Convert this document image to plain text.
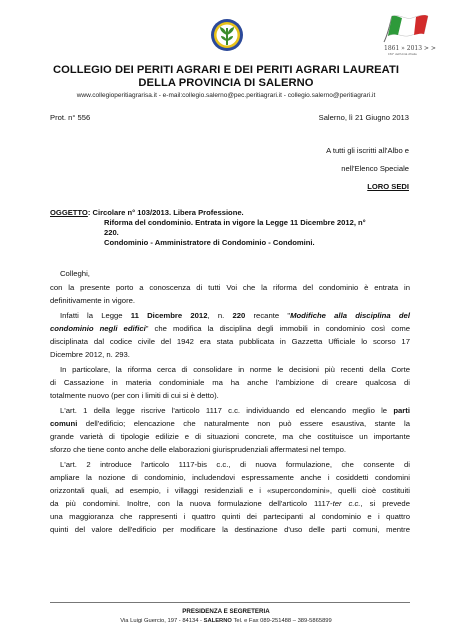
1861 » 2013 > >
150° dell'Unità d'Italia
COLLEGIO DEI PERITI AGRARI E DEI PERITI AGRARI LAUREATI
DELLA PROVINCIA DI SALERNO
www.collegioperitiagrarisa.it - e-mail:collegio.salerno@pec.peritiagrari.it - collegio.salerno@peritiagrari.it
Prot. n° 556	Salerno, lì 21 Giugno 2013
A tutti gli iscritti all'Albo e
nell'Elenco Speciale
LORO SEDI
OGGETTO: Circolare n° 103/2013. Libera Professione.
Riforma del condominio. Entrata in vigore la Legge 11 Dicembre 2012, n°
220.
Condominio - Amministratore di Condominio - Condomini.
Colleghi,
con la presente porto a conoscenza di tutti Voi che la riforma del condominio è entrata in
definitivamente in vigore.
Infatti la Legge 11 Dicembre 2012, n. 220 recante "Modifiche alla disciplina del
condominio negli edifici" che modifica la disciplina degli immobili in condominio così come
disciplinata dal codice civile del 1942 era stata pubblicata in Gazzetta Ufficiale lo scorso 17
Dicembre 2012, n. 293.
In particolare, la riforma cerca di consolidare in norme le decisioni più recenti della Corte
di Cassazione in materia condominiale ma ha anche l'ambizione di creare qualcosa di
totalmente nuovo (per con i limiti di cui si è detto).
L'art. 1 della legge riscrive l'articolo 1117 c.c. individuando ed elencando meglio le parti
comuni dell'edificio; elencazione che naturalmente non può essere esaustiva, stante la
grande varietà di tipologie edilizie e di situazioni concrete, ma che costituisce un importante
sforzo che tiene conto anche delle elaborazioni giurisprudenziali affermatesi nel tempo.
L'art. 2 introduce l'articolo 1117-bis c.c., di nuova formulazione, che consente di
ampliare la nozione di condominio, includendovi espressamente anche i cosiddetti condomini
orizzontali quali, ad esempio, i villaggi residenziali e i «supercondomini», quelli cioè costituiti
da più condomini. Inoltre, con la nuova formulazione dell'articolo 1117-ter c.c., si prevede
una maggioranza che rappresenti i quattro quinti dei partecipanti al condominio e i quattro
quinti del valore dell'edificio per modificare la destinazione d'uso delle parti comuni, mentre
PRESIDENZA E SEGRETERIA
Via Luigi Guercio, 197 - 84134 - SALERNO Tel. e Fax 089-251488 – 389-5865899
